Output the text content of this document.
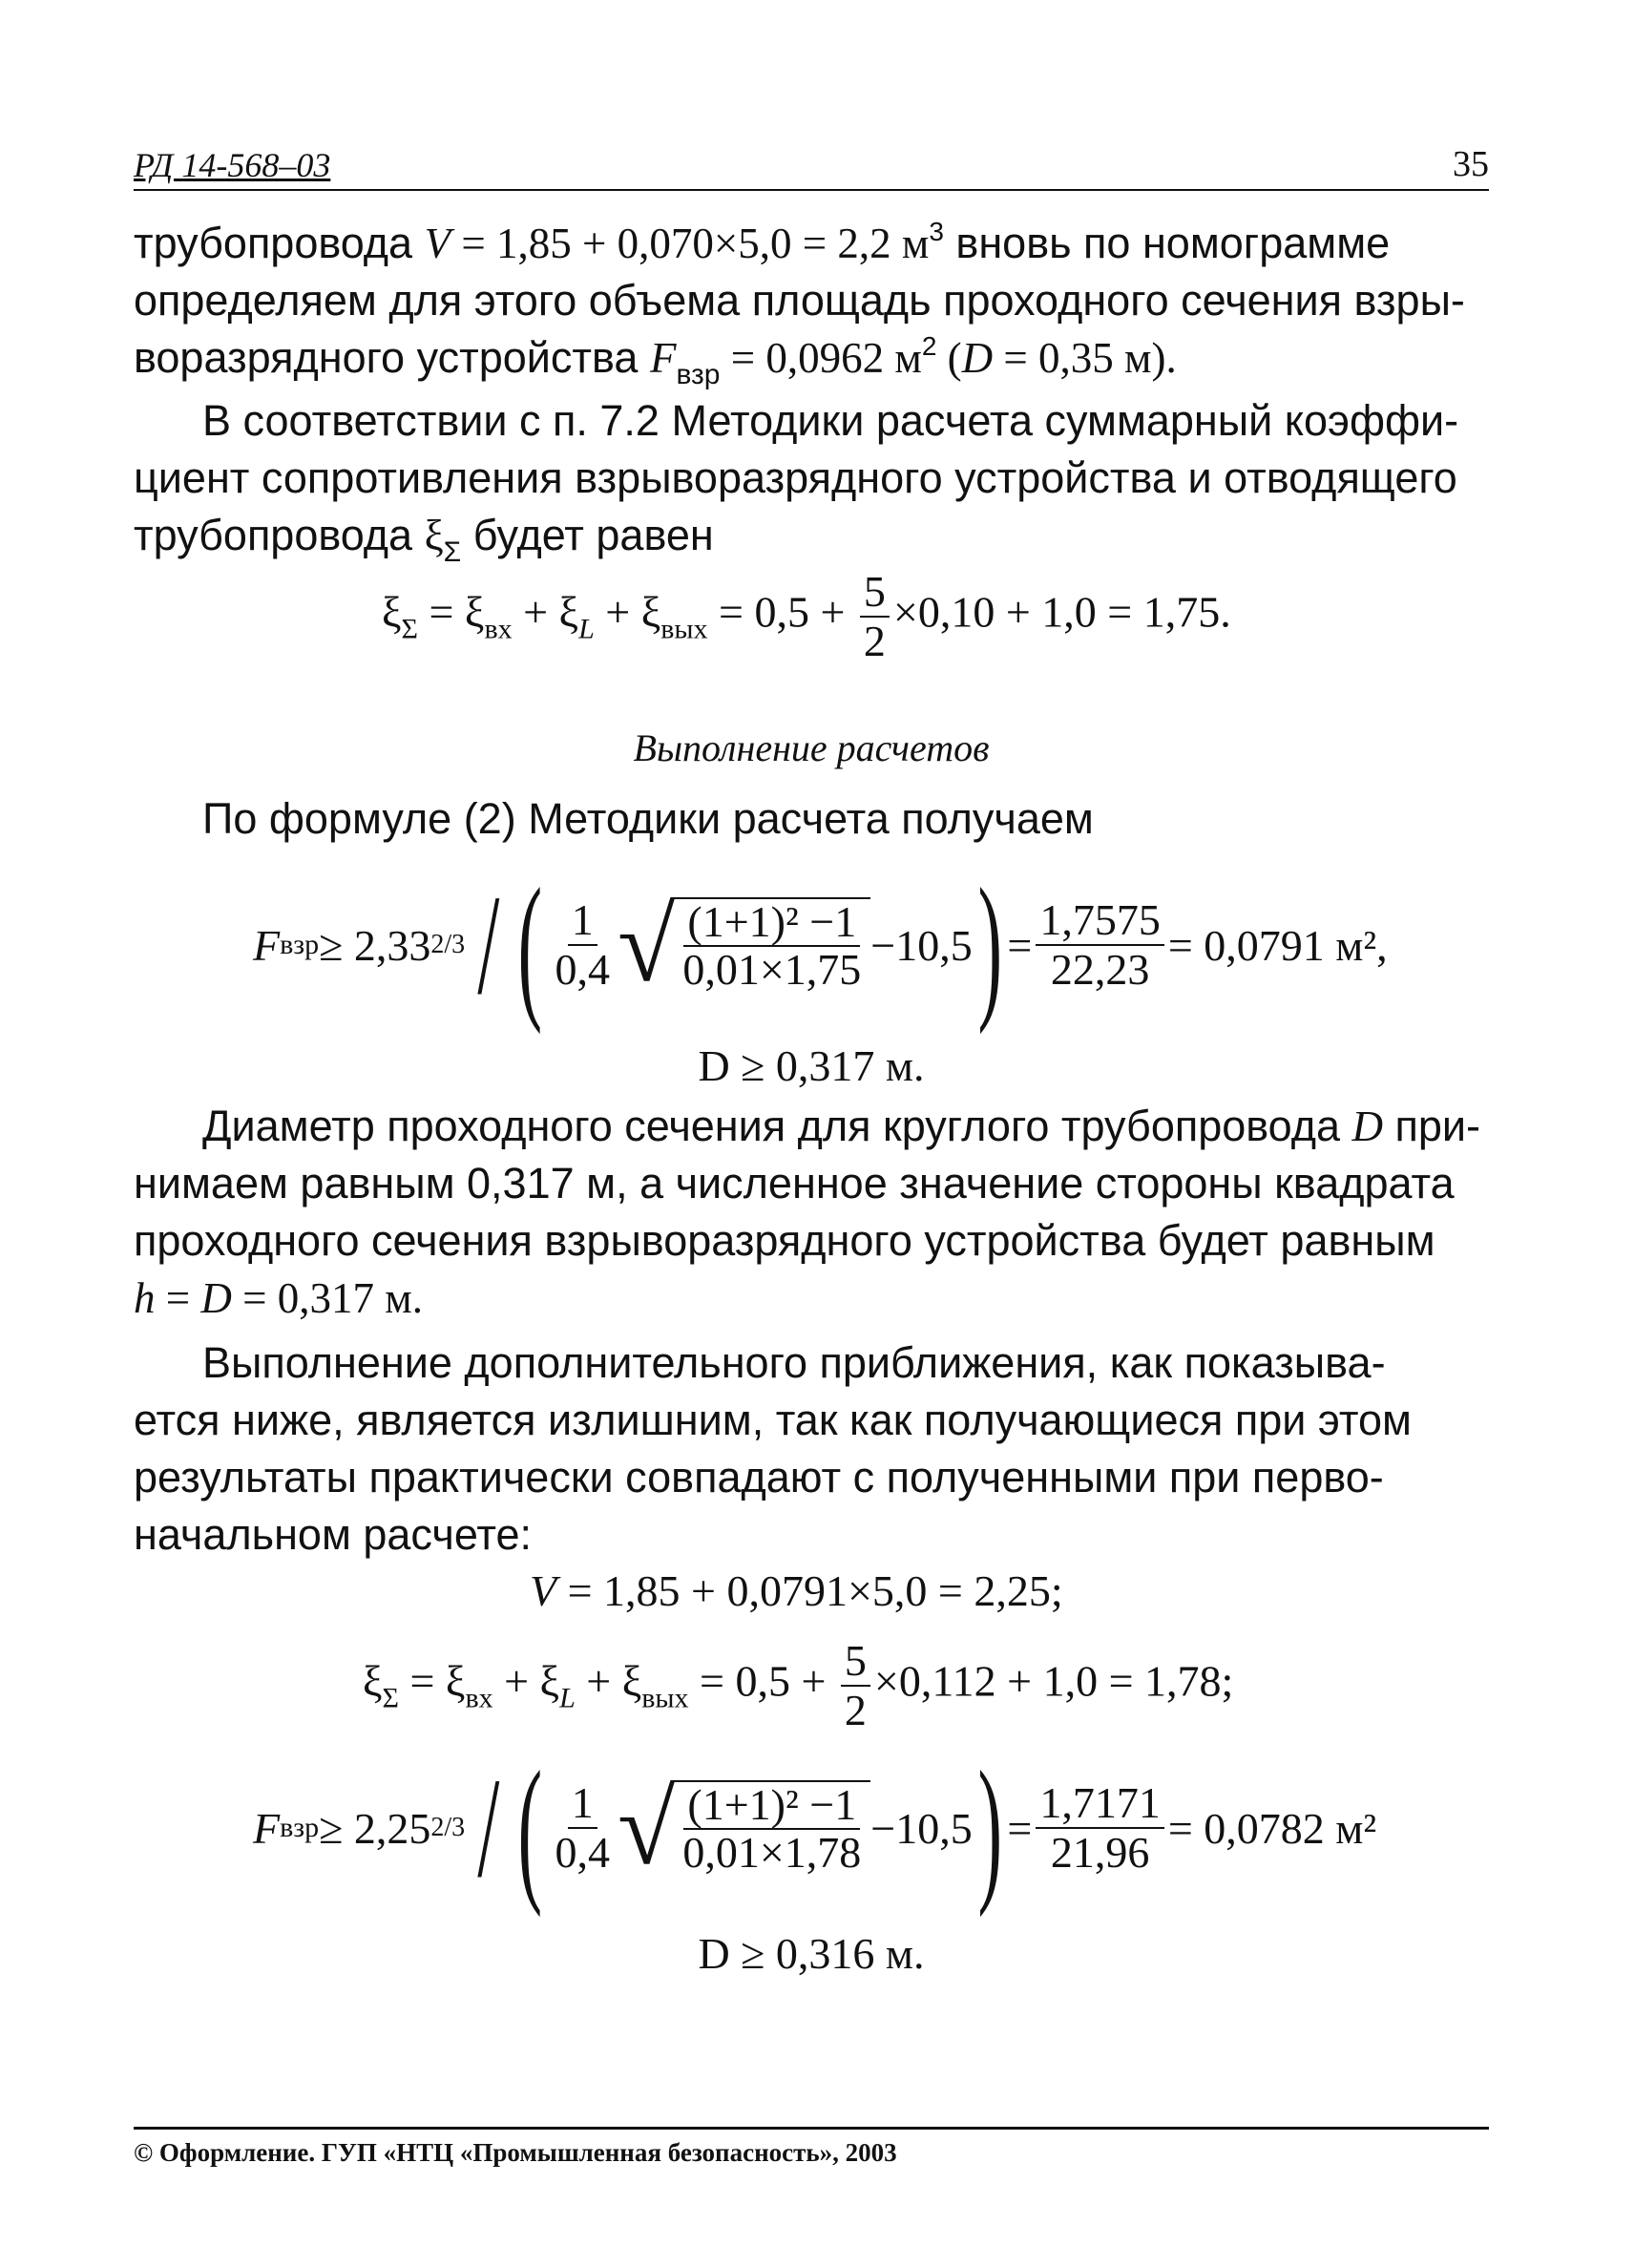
РД 14-568–03	35

трубопровода V = 1,85 + 0,070×5,0 = 2,2 $м^3$ вновь по номограмме
определяем для этого объема площадь проходного сечения взры-
воразрядного устройства $F_{взр} = 0,0962$ $м^2$ (D = 0,35 м).

В соответствии с п. 7.2 Методики расчета суммарный коэффи-
циент сопротивления взрыворазрядного устройства и отводящего
трубопровода $\xi_\Sigma$ будет равен

$\xi_\Sigma = \xi_{вх} + \xi_L + \xi_{вых} = 0,5 + \frac{5}{2} \times 0,10 + 1,0 = 1,75$.
Выполнение расчетов
По формуле (2) Методики расчета получаем
F взр ≥ 2,33 2/3 / ( $\frac{1}{0,4}$ √
$\frac{\text{(1+1)² −1}}{0,01\times 1,75} -10,5$ ) = $\frac{1,7575}{22,23} = 0,0791$ м²,
D ≥ 0,317 м.

Диаметр проходного сечения для круглого трубопровода D при-
нимаем равным 0,317 м, а численное значение стороны квадрата
проходного сечения взрыворазрядного устройства будет равным
h = D = 0,317 м.

Выполнение дополнительного приближения, как показыва-
ется ниже, является излишним, так как получающиеся при этом
результаты практически совпадают с полученными при перво-
начальном расчете:

V = 1,85 + 0,0791×5,0 = 2,25;
$\xi_\Sigma = \xi_{вх} + \xi_L + \xi_{вых} = 0,5 + \frac{5}{2} \times 0,112 + 1,0 = 1,78$;
F взр ≥ 2,25 2/3 / ( $\frac{1}{0,4}$ √
$\frac{\text{(1+1)² −1}}{0,01\times 1,78} -10,5$ ) = $\frac{1,7171}{21,96} = 0,0782$ м²
D ≥ 0,316 м.
© Оформление. ГУП «НТЦ «Промышленная безопасность», 2003
